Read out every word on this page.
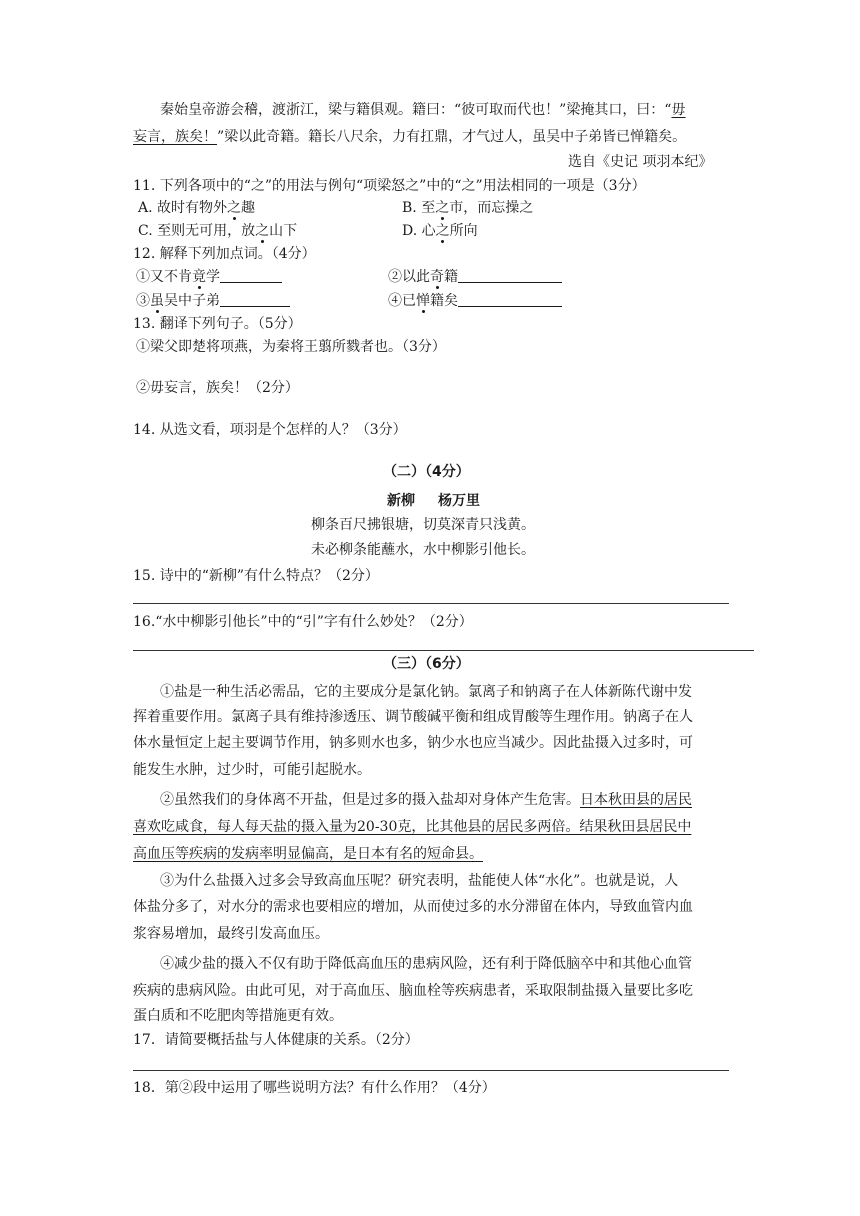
秦始皇帝游会稽，渡浙江，梁与籍俱观。籍曰：“彼可取而代也！”梁掩其口，曰：“毋
妄言，族矣！”梁以此奇籍。籍长八尺余，力有扛鼎，才气过人，虽吴中子弟皆已惮籍矣。
选自《史记 项羽本纪》
11. 下列各项中的“之”的用法与例句“项梁怒之”中的“之”用法相同的一项是（3分）
A. 故时有物外之趣	B. 至之市，而忘操之
C. 至则无可用，放之山下	D. 心之所向
12. 解释下列加点词。（4分）
①又不肯竟学	②以此奇籍
③虽吴中子弟	④已惮籍矣
13. 翻译下列句子。（5分）
①梁父即楚将项燕，为秦将王翦所戮者也。（3分）
②毋妄言，族矣！（2分）
14. 从选文看，项羽是个怎样的人？（3分）
（二）（4分）
新柳 杨万里
柳条百尺拂银塘，切莫深青只浅黄。
未必柳条能蘸水，水中柳影引他长。
15. 诗中的“新柳”有什么特点？（2分）
16.“水中柳影引他长”中的“引”字有什么妙处？（2分）
（三）（6分）
①盐是一种生活必需品，它的主要成分是氯化钠。氯离子和钠离子在人体新陈代谢中发
挥着重要作用。氯离子具有维持渗透压、调节酸碱平衡和组成胃酸等生理作用。钠离子在人
体水量恒定上起主要调节作用，钠多则水也多，钠少水也应当减少。因此盐摄入过多时，可
能发生水肿，过少时，可能引起脱水。
②虽然我们的身体离不开盐，但是过多的摄入盐却对身体产生危害。日本秋田县的居民
喜欢吃咸食，每人每天盐的摄入量为20-30克，比其他县的居民多两倍。结果秋田县居民中
高血压等疾病的发病率明显偏高，是日本有名的短命县。
③为什么盐摄入过多会导致高血压呢？研究表明，盐能使人体“水化”。也就是说，人
体盐分多了，对水分的需求也要相应的增加，从而使过多的水分滞留在体内，导致血管内血
浆容易增加，最终引发高血压。
④减少盐的摄入不仅有助于降低高血压的患病风险，还有利于降低脑卒中和其他心血管
疾病的患病风险。由此可见，对于高血压、脑血栓等疾病患者，采取限制盐摄入量要比多吃
蛋白质和不吃肥肉等措施更有效。
17．请简要概括盐与人体健康的关系。（2分）
18．第②段中运用了哪些说明方法？有什么作用？（4分）
